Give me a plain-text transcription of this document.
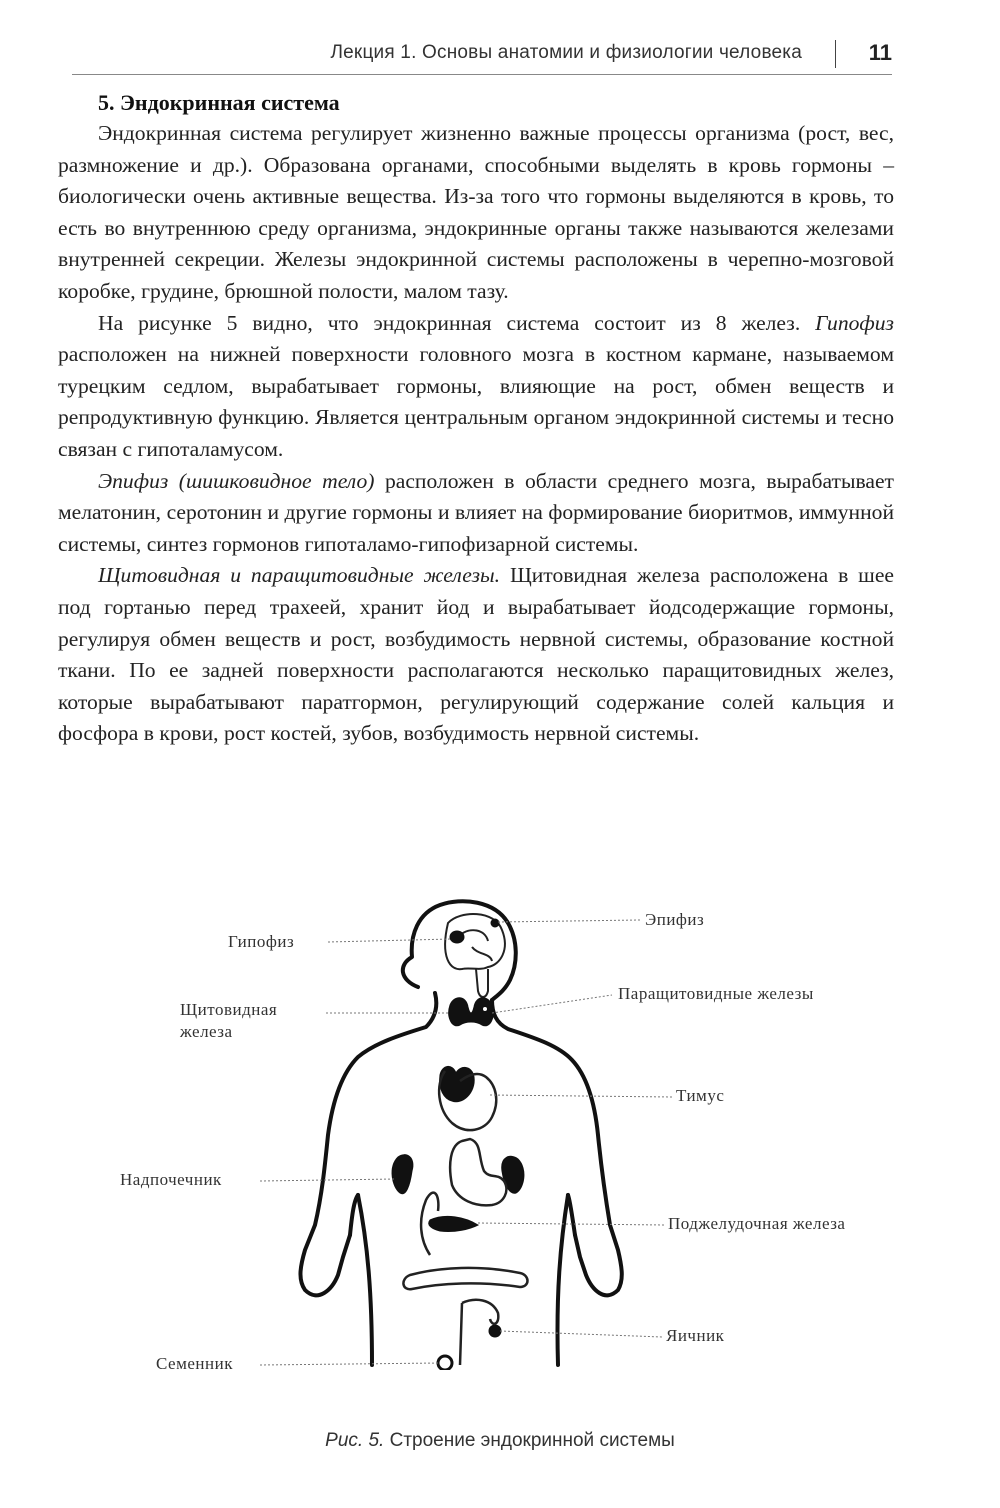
Лекция 1. Основы анатомии и физиологии человека	11
5. Эндокринная система

Эндокринная система регулирует жизненно важные процессы организма (рост, вес, размножение и др.). Образована органами, способными выделять в кровь гормоны – биологически очень активные вещества. Из-за того что гормоны выделяются в кровь, то есть во внутреннюю среду организма, эндокринные органы также называются железами внутренней секреции. Железы эндокринной системы расположены в черепно-мозговой коробке, грудине, брюшной полости, малом тазу.

На рисунке 5 видно, что эндокринная система состоит из 8 желез. Гипофиз расположен на нижней поверхности головного мозга в костном кармане, называемом турецким седлом, вырабатывает гормоны, влияющие на рост, обмен веществ и репродуктивную функцию. Является центральным органом эндокринной системы и тесно связан с гипоталамусом.

Эпифиз (шишковидное тело) расположен в области среднего мозга, вырабатывает мелатонин, серотонин и другие гормоны и влияет на формирование биоритмов, иммунной системы, синтез гормонов гипоталамо-гипофизарной системы.

Щитовидная и паращитовидные железы. Щитовидная железа расположена в шее под гортанью перед трахеей, хранит йод и вырабатывает йодсодержащие гормоны, регулируя обмен веществ и рост, возбудимость нервной системы, образование костной ткани. По ее задней поверхности располагаются несколько паращитовидных желез, которые вырабатывают паратгормон, регулирующий содержание солей кальция и фосфора в крови, рост костей, зубов, возбудимость нервной системы.

Гипофиз
Эпифиз
Щитовидная железа
Паращитовидные железы
Тимус
Надпочечник
Поджелудочная железа
Яичник
Семенник
Рис. 5. Строение эндокринной системы
